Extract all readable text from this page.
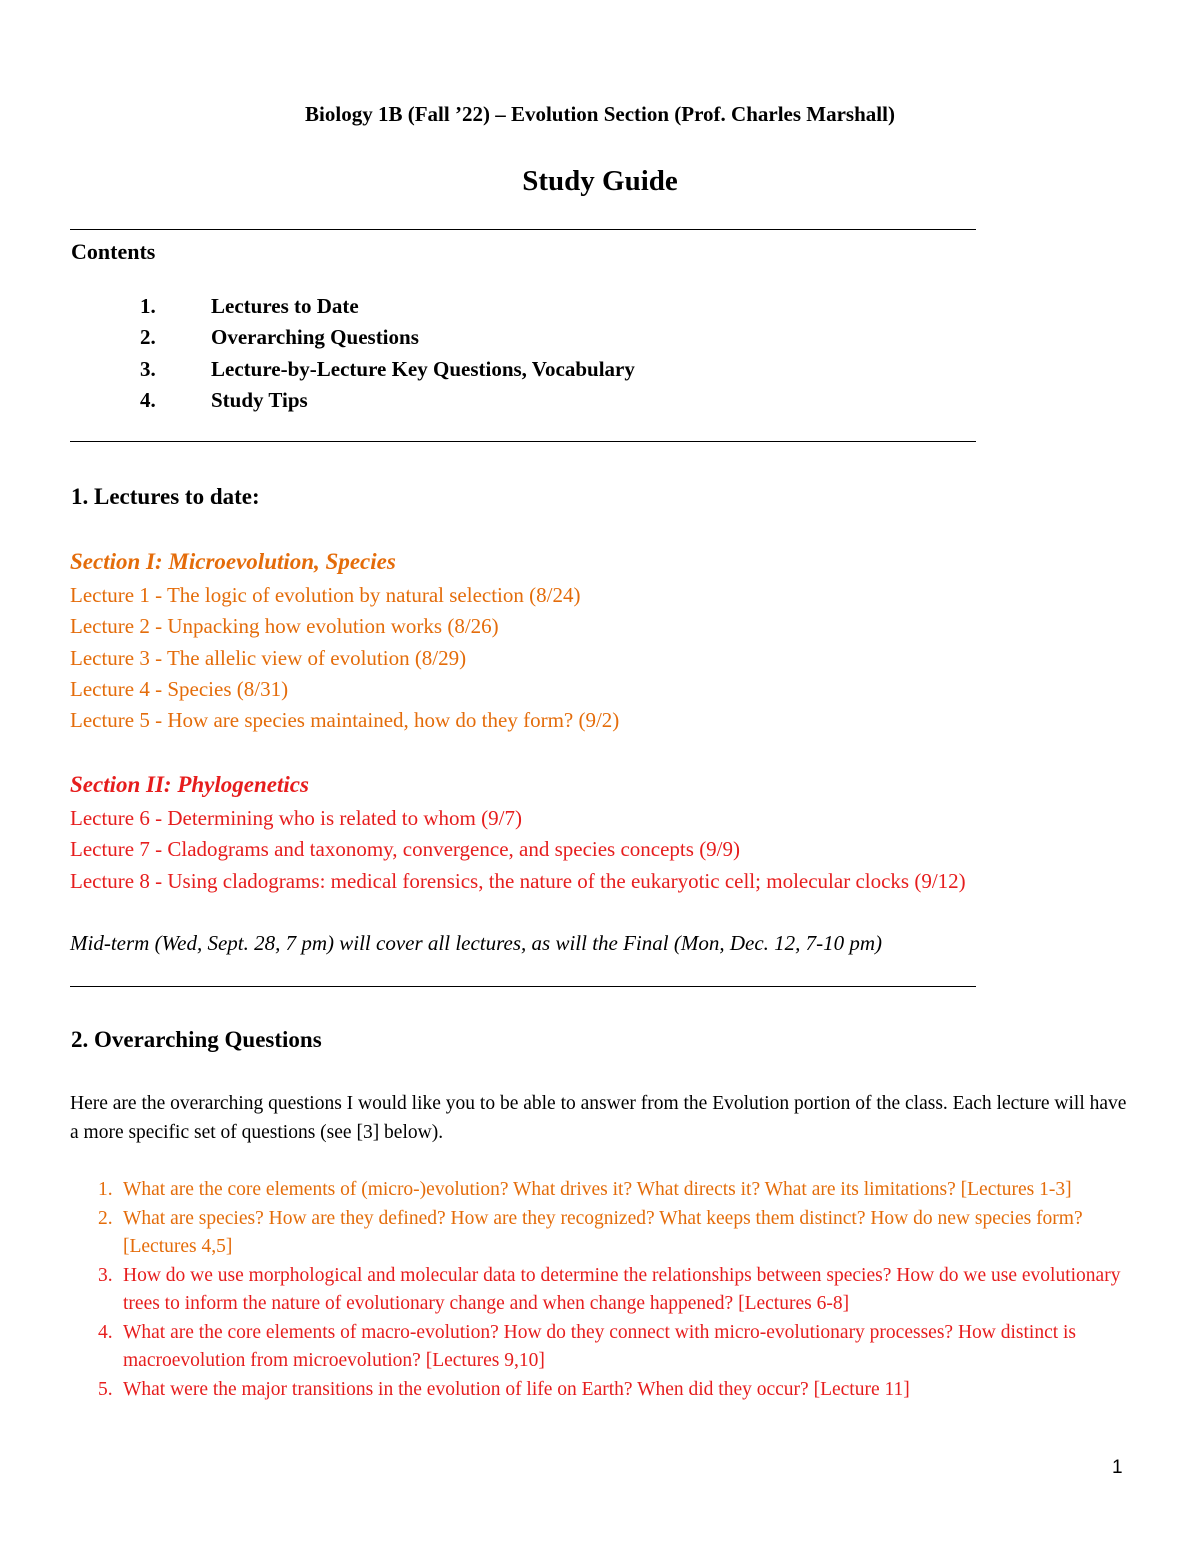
Biology 1B (Fall ’22) – Evolution Section (Prof. Charles Marshall)
Study Guide
Contents
1.	Lectures to Date
2.	Overarching Questions
3.	Lecture-by-Lecture Key Questions, Vocabulary
4.	Study Tips
1. Lectures to date:
Section I: Microevolution, Species
Lecture 1 - The logic of evolution by natural selection (8/24)
Lecture 2 - Unpacking how evolution works (8/26)
Lecture 3 - The allelic view of evolution (8/29)
Lecture 4 - Species (8/31)
Lecture 5 - How are species maintained, how do they form? (9/2)
Section II: Phylogenetics
Lecture 6 - Determining who is related to whom (9/7)
Lecture 7 - Cladograms and taxonomy, convergence, and species concepts (9/9)
Lecture 8 - Using cladograms: medical forensics, the nature of the eukaryotic cell; molecular clocks (9/12)
Mid-term (Wed, Sept. 28, 7 pm) will cover all lectures, as will the Final (Mon, Dec. 12, 7-10 pm)
2. Overarching Questions
Here are the overarching questions I would like you to be able to answer from the Evolution portion of the class. Each lecture will have a more specific set of questions (see [3] below).
1. What are the core elements of (micro-)evolution? What drives it? What directs it? What are its limitations? [Lectures 1-3]
2. What are species? How are they defined? How are they recognized? What keeps them distinct? How do new species form? [Lectures 4,5]
3. How do we use morphological and molecular data to determine the relationships between species? How do we use evolutionary trees to inform the nature of evolutionary change and when change happened? [Lectures 6-8]
4. What are the core elements of macro-evolution? How do they connect with micro-evolutionary processes? How distinct is macroevolution from microevolution? [Lectures 9,10]
5. What were the major transitions in the evolution of life on Earth? When did they occur? [Lecture 11]
1
